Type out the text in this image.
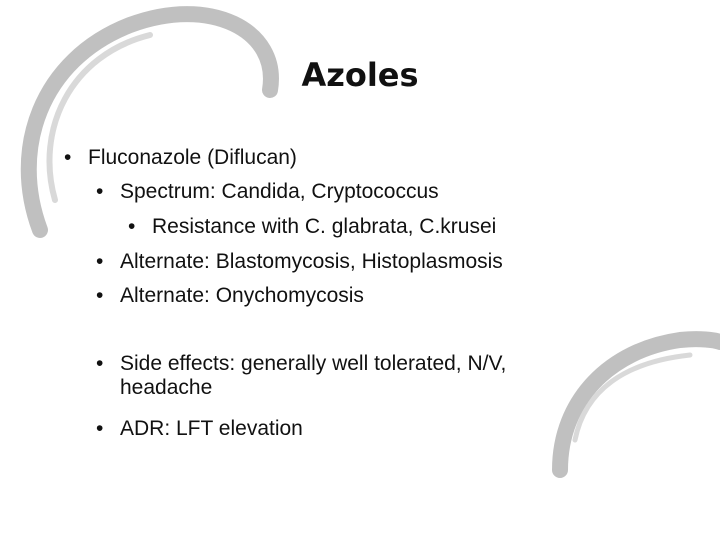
Azoles
• Fluconazole (Diflucan)
• Spectrum: Candida, Cryptococcus
• Resistance with C. glabrata, C.krusei
• Alternate: Blastomycosis, Histoplasmosis
• Alternate: Onychomycosis
• Side effects: generally well tolerated, N/V,
headache
• ADR: LFT elevation
